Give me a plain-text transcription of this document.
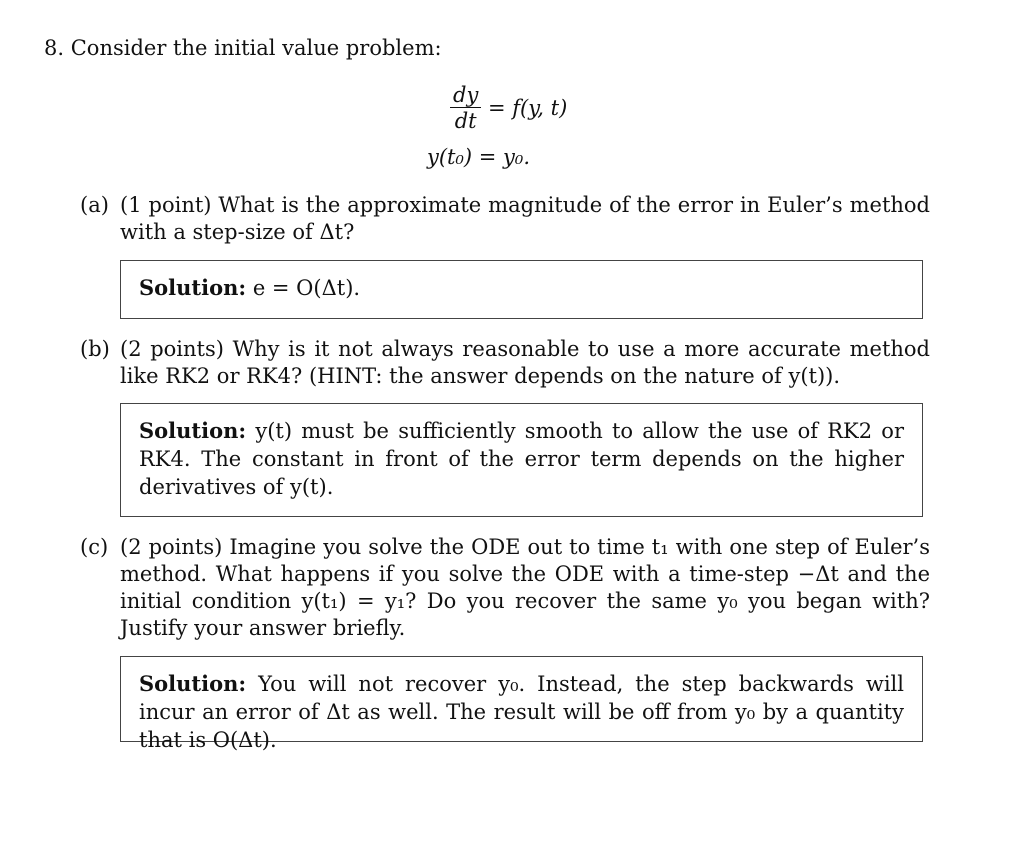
8. Consider the initial value problem:
$\frac{dy}{dt} = f(y$, t)
y(t₀) = y₀.
(a) (1 point) What is the approximate magnitude of the error in Euler’s method with a step-size of Δt?
Solution: e = O(Δt).
(b) (2 points) Why is it not always reasonable to use a more accurate method like RK2 or RK4? (HINT: the answer depends on the nature of y(t)).
Solution: y(t) must be sufficiently smooth to allow the use of RK2 or RK4. The constant in front of the error term depends on the higher derivatives of y(t).
(c) (2 points) Imagine you solve the ODE out to time t₁ with one step of Euler’s method. What happens if you solve the ODE with a time-step −Δt and the initial condition y(t₁) = y₁? Do you recover the same y₀ you began with? Justify your answer briefly.
Solution: You will not recover y₀. Instead, the step backwards will incur an error of Δt as well. The result will be off from y₀ by a quantity that is O(Δt).
